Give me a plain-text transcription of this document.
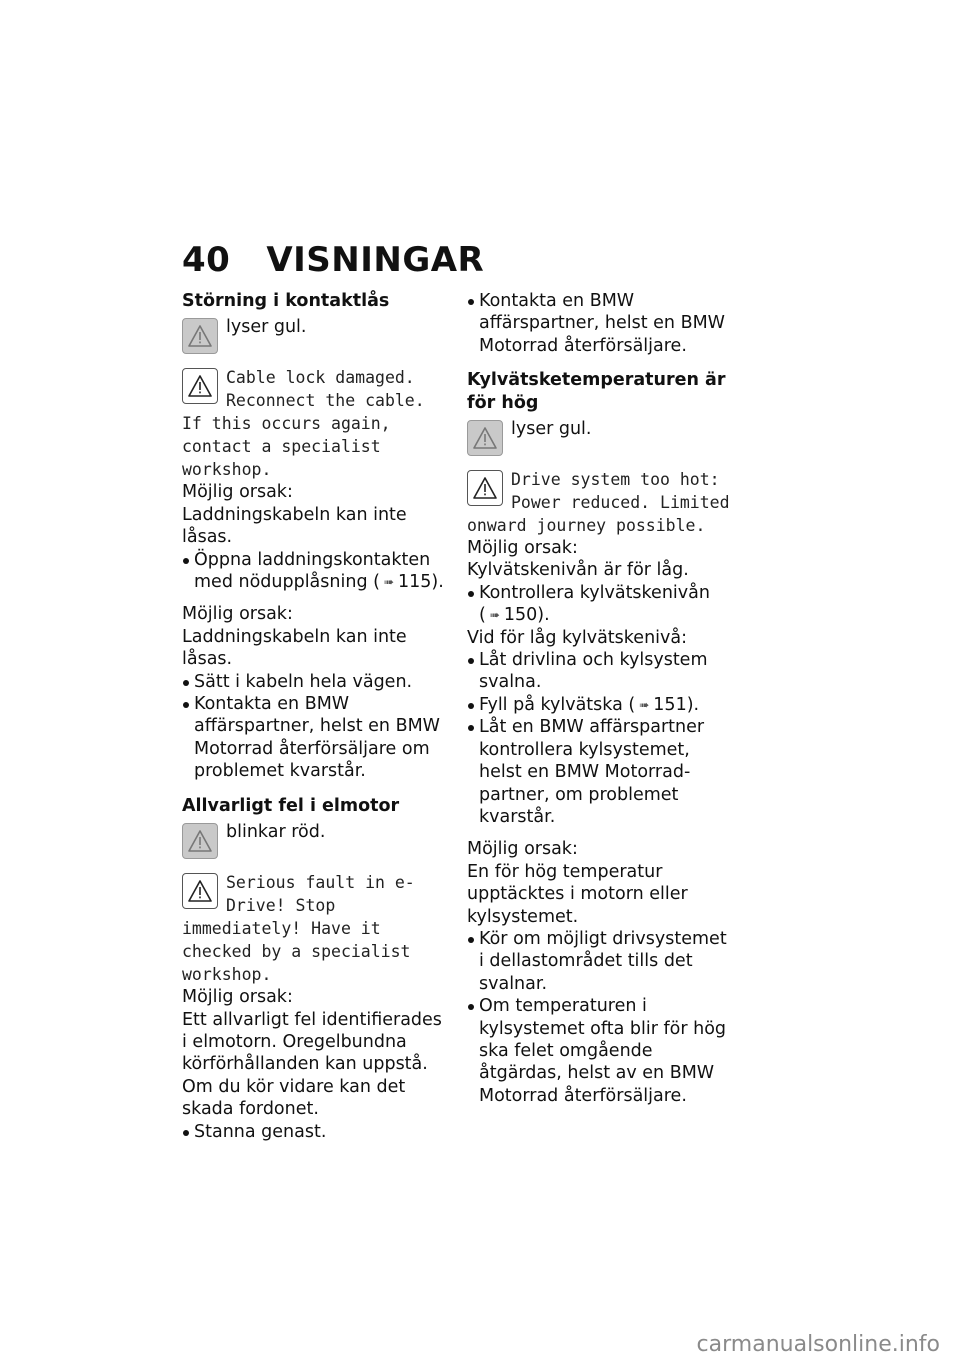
40 VISNINGAR
Störning i kontaktlås
lyser gul.
Cable lock damaged. Reconnect the cable. If this occurs again, contact a specialist workshop.
Möjlig orsak:
Laddningskabeln kan inte låsas.
Öppna laddningskontakten med nödupplåsning ( ➠ 115).
Möjlig orsak:
Laddningskabeln kan inte låsas.
Sätt i kabeln hela vägen.
Kontakta en BMW affärspartner, helst en BMW Motorrad återförsäljare om problemet kvarstår.
Allvarligt fel i elmotor
blinkar röd.
Serious fault in e-Drive! Stop immediately! Have it checked by a specialist workshop.
Möjlig orsak:
Ett allvarligt fel identifierades i elmotorn. Oregelbundna körförhållanden kan uppstå. Om du kör vidare kan det skada fordonet.
Stanna genast.
Kontakta en BMW affärspartner, helst en BMW Motorrad återförsäljare.
Kylvätsketemperaturen är för hög
lyser gul.
Drive system too hot: Power reduced. Limited onward journey possible.
Möjlig orsak:
Kylvätskenivån är för låg.
Kontrollera kylvätskenivån ( ➠ 150).
Vid för låg kylvätskenivå:
Låt drivlina och kylsystem svalna.
Fyll på kylvätska ( ➠ 151).
Låt en BMW affärspartner kontrollera kylsystemet, helst en BMW Motorrad-partner, om problemet kvarstår.
Möjlig orsak:
En för hög temperatur upptäcktes i motorn eller kylsystemet.
Kör om möjligt drivsystemet i dellastområdet tills det svalnar.
Om temperaturen i kylsystemet ofta blir för hög ska felet omgående åtgärdas, helst av en BMW Motorrad återförsäljare.
carmanualsonline.info
